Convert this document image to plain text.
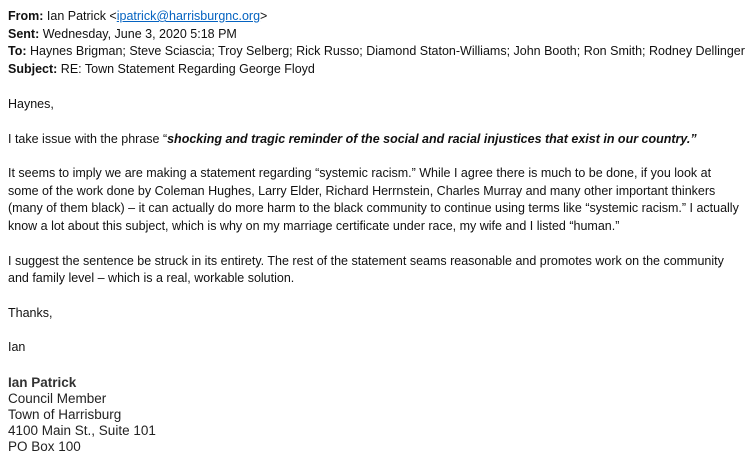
From: Ian Patrick <ipatrick@harrisburgnc.org>
Sent: Wednesday, June 3, 2020 5:18 PM
To: Haynes Brigman; Steve Sciascia; Troy Selberg; Rick Russo; Diamond Staton-Williams; John Booth; Ron Smith; Rodney Dellinger
Subject: RE: Town Statement Regarding George Floyd

Haynes,

I take issue with the phrase “shocking and tragic reminder of the social and racial injustices that exist in our country.”

It seems to imply we are making a statement regarding “systemic racism.” While I agree there is much to be done, if you look at some of the work done by Coleman Hughes, Larry Elder, Richard Herrnstein, Charles Murray and many other important thinkers (many of them black) – it can actually do more harm to the black community to continue using terms like “systemic racism.” I actually know a lot about this subject, which is why on my marriage certificate under race, my wife and I listed “human.”

I suggest the sentence be struck in its entirety. The rest of the statement seams reasonable and promotes work on the community and family level – which is a real, workable solution.

Thanks,

Ian

Ian Patrick
Council Member
Town of Harrisburg
4100 Main St., Suite 101
PO Box 100
